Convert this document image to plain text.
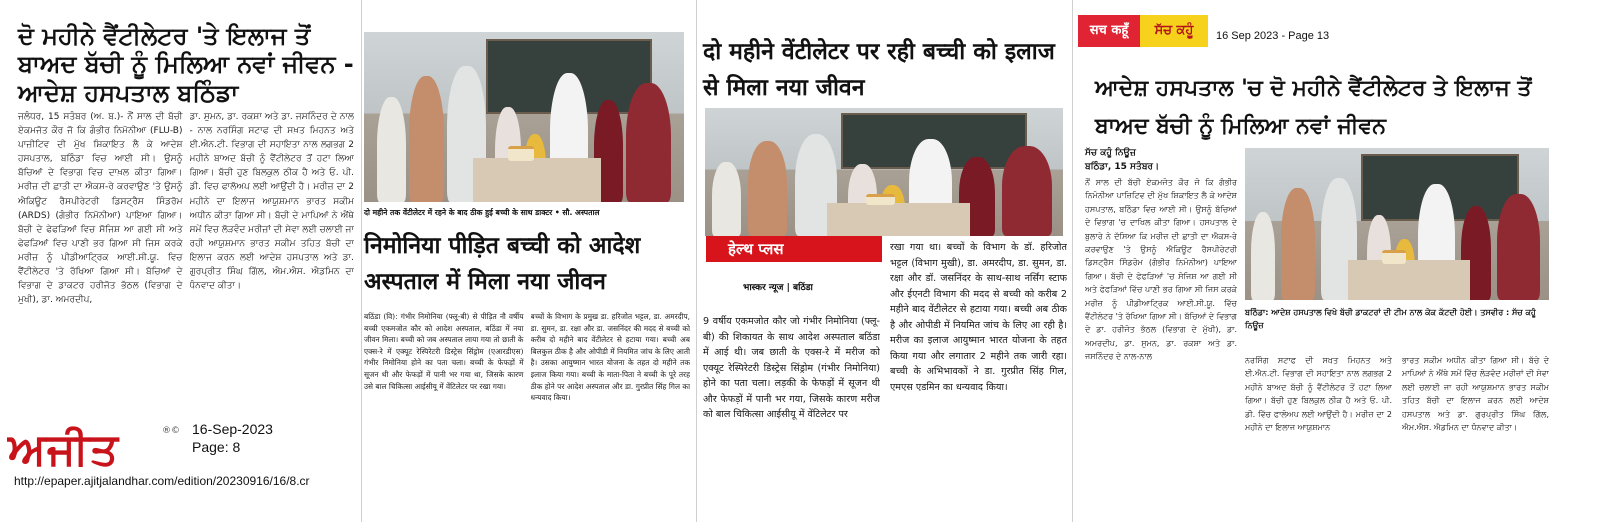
ਦੋ ਮਹੀਨੇ ਵੈਂਟੀਲੇਟਰ 'ਤੇ ਇਲਾਜ ਤੋਂ ਬਾਅਦ ਬੱਚੀ ਨੂੰ ਮਿਲਿਆ ਨਵਾਂ ਜੀਵਨ - ਆਦੇਸ਼ ਹਸਪਤਾਲ ਬਠਿੰਡਾ
ਜਲੰਧਰ, 15 ਸਤੰਬਰ (ਅ. ਬ.)- ਨੌਂ ਸਾਲ ਦੀ ਬੱਚੀ ਏਕਮਜੋਤ ਕੌਰ ਜੋ ਕਿ ਗੰਭੀਰ ਨਿਮੋਨੀਆ (FLU-B) ਪਾਜ਼ੀਟਿਵ ਦੀ ਮੁੱਖ ਸ਼ਿਕਾਇਤ ਲੈ ਕੇ ਆਦੇਸ਼ ਹਸਪਤਾਲ, ਬਠਿੰਡਾ ਵਿਚ ਆਈ ਸੀ। ਉਸਨੂੰ ਬੱਚਿਆਂ ਦੇ ਵਿਭਾਗ ਵਿਚ ਦਾਖ਼ਲ ਕੀਤਾ ਗਿਆ। ਮਰੀਜ਼ ਦੀ ਛਾਤੀ ਦਾ ਐਕਸ-ਰੇ ਕਰਵਾਉਣ 'ਤੇ ਉਸਨੂੰ ਐਕਿਊਟ ਰੈਸਪੀਰੇਟਰੀ ਡਿਸਟ੍ਰੈਸ ਸਿੰਡਰੋਮ (ARDS) (ਗੰਭੀਰ ਨਿਮੋਨੀਆ) ਪਾਇਆ ਗਿਆ। ਬੱਚੀ ਦੇ ਫੇਫੜਿਆਂ ਵਿਚ ਸੋਜਿਸ਼ ਆ ਗਈ ਸੀ ਅਤੇ ਫੇਫੜਿਆਂ ਵਿਚ ਪਾਣੀ ਭਰ ਗਿਆ ਸੀ ਜਿਸ ਕਰਕੇ ਮਰੀਜ਼ ਨੂੰ ਪੀਡੀਆਟ੍ਰਿਕ ਆਈ.ਸੀ.ਯੂ. ਵਿਚ ਵੈਂਟੀਲੇਟਰ 'ਤੇ ਰੱਖਿਆ ਗਿਆ ਸੀ। ਬੱਚਿਆਂ ਦੇ ਵਿਭਾਗ ਦੇ ਡਾਕਟਰ ਹਰੀਜੋਤ ਭੱਠਲ (ਵਿਭਾਗ ਦੇ ਮੁਖੀ), ਡਾ. ਅਮਰਦੀਪ,
ਡਾ. ਸੁਮਨ, ਡਾ. ਰਕਸ਼ਾ ਅਤੇ ਡਾ. ਜਸਨਿੰਦਰ ਦੇ ਨਾਲ - ਨਾਲ ਨਰਸਿੰਗ ਸਟਾਫ ਦੀ ਸਖ਼ਤ ਮਿਹਨਤ ਅਤੇ ਈ.ਐਨ.ਟੀ. ਵਿਭਾਗ ਦੀ ਸਹਾਇਤਾ ਨਾਲ ਲਗਭਗ 2 ਮਹੀਨੇ ਬਾਅਦ ਬੱਚੀ ਨੂੰ ਵੈਂਟੀਲੇਟਰ ਤੋਂ ਹਟਾ ਲਿਆ ਗਿਆ। ਬੱਚੀ ਹੁਣ ਬਿਲਕੁਲ ਠੀਕ ਹੈ ਅਤੇ ਓ. ਪੀ. ਡੀ. ਵਿਚ ਫਾਲੋਅਪ ਲਈ ਆਉਂਦੀ ਹੈ। ਮਰੀਜ਼ ਦਾ 2 ਮਹੀਨੇ ਦਾ ਇਲਾਜ ਆਯੁਸ਼ਮਾਨ ਭਾਰਤ ਸਕੀਮ ਅਧੀਨ ਕੀਤਾ ਗਿਆ ਸੀ। ਬੱਚੀ ਦੇ ਮਾਪਿਆਂ ਨੇ ਐਂਥੇ ਸਮੇਂ ਵਿਚ ਲੋੜਵੰਦ ਮਰੀਜ਼ਾਂ ਦੀ ਸੇਵਾ ਲਈ ਚਲਾਈ ਜਾ ਰਹੀ ਆਯੁਸ਼ਮਾਨ ਭਾਰਤ ਸਕੀਮ ਤਹਿਤ ਬੱਚੀ ਦਾ ਇਲਾਜ ਕਰਨ ਲਈ ਆਦੇਸ਼ ਹਸਪਤਾਲ ਅਤੇ ਡਾ. ਗੁਰਪ੍ਰੀਤ ਸਿੰਘ ਗਿੱਲ, ਐਮ.ਐਸ. ਐਡਮਿਨ ਦਾ ਧੰਨਵਾਦ ਕੀਤਾ।
ਅਜੀਤ	®© 16-Sep-2023
Page: 8
http://epaper.ajitjalandhar.com/edition/20230916/16/8.cr
दो महीने तक वेंटीलेटर में रहने के बाद ठीक हुई बच्ची के साथ डाक्टर • सौ. अस्पताल
निमोनिया पीड़ित बच्ची को आदेश अस्पताल में मिला नया जीवन
बठिंडा (वि): गंभीर निमोनिया (फ्लू-बी) से पीड़ित नौ वर्षीय बच्ची एकमजोत कौर को आदेश अस्पताल, बठिंडा में नया जीवन मिला। बच्ची को जब अस्पताल लाया गया तो छाती के एक्स-रे में एक्यूट रेस्पिरेटरी डिस्ट्रेस सिंड्रोम (एआरडीएस) गंभीर निमोनिया होने का पता चला। बच्ची के फेफड़ों में सूजन थी और फेफड़ों में पानी भर गया था, जिसके कारण उसे बाल चिकित्सा आईसीयू में वेंटिलेटर पर रखा गया।
बच्चों के विभाग के प्रमुख डा. हरिजोत भट्टल, डा. अमरदीप, डा. सुमन, डा. रक्षा और डा. जसनिंदर की मदद से बच्ची को करीब दो महीने बाद वेंटीलेटर से हटाया गया। बच्ची अब बिलकुल ठीक है और ओपीडी में नियमित जांच के लिए आती है। उसका आयुष्मान भारत योजना के तहत दो महीने तक इलाज किया गया। बच्ची के माता-पिता ने बच्ची के पूरे तरह ठीक होने पर आदेश अस्पताल और डा. गुरप्रीत सिंह गिल का धन्यवाद किया।
दो महीने वेंटीलेटर पर रही बच्ची को इलाज से मिला नया जीवन
हेल्थ प्लस
भास्कर न्यूज | बठिंडा
9 वर्षीय एकमजोत कौर जो गंभीर निमोनिया (फ्लू-बी) की शिकायत के साथ आदेश अस्पताल बठिंडा में आई थी। जब छाती के एक्स-रे में मरीज को एक्यूट रेस्पिरेटरी डिस्ट्रेस सिंड्रोम (गंभीर निमोनिया) होने का पता चला। लड़की के फेफड़ों में सूजन थी और फेफड़ों में पानी भर गया, जिसके कारण मरीज को बाल चिकित्सा आईसीयू में वेंटिलेटर पर
रखा गया था। बच्चों के विभाग के डॉ. हरिजोत भट्टल (विभाग मुखी), डा. अमरदीप, डा. सुमन, डा. रक्षा और डॉ. जसनिंदर के साथ-साथ नर्सिंग स्टाफ और ईएनटी विभाग की मदद से बच्ची को करीब 2 महीने बाद वेंटीलेटर से हटाया गया। बच्ची अब ठीक है और ओपीडी में नियमित जांच के लिए आ रही है। मरीज का इलाज आयुष्मान भारत योजना के तहत किया गया और लगातार 2 महीने तक जारी रहा। बच्ची के अभिभावकों ने डा. गुरप्रीत सिंह गिल, एमएस एडमिन का धन्यवाद किया।
सच कहूँ	ਸੱਚ ਕਹੂੰ	16 Sep 2023 - Page 13
ਆਦੇਸ਼ ਹਸਪਤਾਲ 'ਚ ਦੋ ਮਹੀਨੇ ਵੈਂਟੀਲੇਟਰ ਤੇ ਇਲਾਜ ਤੋਂ ਬਾਅਦ ਬੱਚੀ ਨੂੰ ਮਿਲਿਆ ਨਵਾਂ ਜੀਵਨ
ਸੱਚ ਕਹੂੰ ਨਿਊਜ਼
ਬਠਿੰਡਾ, 15 ਸਤੰਬਰ।
ਨੌਂ ਸਾਲ ਦੀ ਬੱਚੀ ਏਕਮਜੋਤ ਕੌਰ ਜੋ ਕਿ ਗੰਭੀਰ ਨਿਮੋਨੀਆ ਪਾਜ਼ਿਟਿਵ ਦੀ ਮੁੱਖ ਸ਼ਿਕਾਇਤ ਲੈ ਕੇ ਆਦੇਸ਼ ਹਸਪਤਾਲ, ਬਠਿੰਡਾ ਵਿਚ ਆਈ ਸੀ। ਉਸਨੂੰ ਬੱਚਿਆਂ ਦੇ ਵਿਭਾਗ 'ਚ ਦਾਖਿਲ ਕੀਤਾ ਗਿਆ। ਹਸਪਤਾਲ ਦੇ ਬੁਲਾਰੇ ਨੇ ਦੱਸਿਆ ਕਿ ਮਰੀਜ਼ ਦੀ ਛਾਤੀ ਦਾ ਐਕਸ-ਰੇ ਕਰਵਾਉਣ 'ਤੇ ਉਸਨੂੰ ਐਕਿਊਟ ਰੈਸਪੀਰੇਟਰੀ ਡਿਸਟ੍ਰੈਸ ਸਿੰਡਰੋਮ (ਗੰਭੀਰ ਨਿਮੋਨੀਆ) ਪਾਇਆ ਗਿਆ। ਬੱਚੀ ਦੇ ਫੇਫੜਿਆਂ 'ਚ ਸੋਜਿਸ਼ ਆ ਗਈ ਸੀ ਅਤੇ ਫੇਫੜਿਆਂ ਵਿੱਚ ਪਾਣੀ ਭਰ ਗਿਆ ਸੀ ਜਿਸ ਕਰਕੇ ਮਰੀਜ਼ ਨੂੰ ਪੀਡੀਆਟ੍ਰਿਕ ਆਈ.ਸੀ.ਯੂ. ਵਿੱਚ ਵੈਂਟੀਲੇਟਰ 'ਤੇ ਰੱਖਿਆ ਗਿਆ ਸੀ। ਬੱਚਿਆਂ ਦੇ ਵਿਭਾਗ ਦੇ ਡਾ. ਹਰੀਜੋਤ ਭੱਠਲ (ਵਿਭਾਗ ਦੇ ਮੁੱਖੀ), ਡਾ. ਅਮਰਦੀਪ, ਡਾ. ਸੁਮਨ, ਡਾ. ਰਕਸ਼ਾ ਅਤੇ ਡਾ. ਜਸਨਿੰਦਰ ਦੇ ਨਾਲ-ਨਾਲ
ਬਠਿੰਡਾ: ਆਦੇਸ਼ ਹਸਪਤਾਲ ਵਿਖੇ ਬੱਚੀ ਡਾਕਟਰਾਂ ਦੀ ਟੀਮ ਨਾਲ ਕੇਕ ਕੱਟਦੀ ਹੋਈ। ਤਸਵੀਰ : ਸੱਚ ਕਹੂੰ ਨਿਊਜ਼
ਨਰਸਿੰਗ ਸਟਾਫ ਦੀ ਸਖ਼ਤ ਮਿਹਨਤ ਅਤੇ ਈ.ਐਨ.ਟੀ. ਵਿਭਾਗ ਦੀ ਸਹਾਇਤਾ ਨਾਲ ਲਗਭਗ 2 ਮਹੀਨੇ ਬਾਅਦ ਬੱਚੀ ਨੂੰ ਵੈਂਟੀਲੇਟਰ ਤੋਂ ਹਟਾ ਲਿਆ ਗਿਆ। ਬੱਚੀ ਹੁਣ ਬਿਲਕੁਲ ਠੀਕ ਹੈ ਅਤੇ ਓ. ਪੀ. ਡੀ. ਵਿੱਚ ਫਾਲੋਅਪ ਲਈ ਆਉਂਦੀ ਹੈ। ਮਰੀਜ਼ ਦਾ 2 ਮਹੀਨੇ ਦਾ ਇਲਾਜ ਆਯੁਸ਼ਮਾਨ
ਭਾਰਤ ਸਕੀਮ ਅਧੀਨ ਕੀਤਾ ਗਿਆ ਸੀ। ਬੱਚੇ ਦੇ ਮਾਪਿਆਂ ਨੇ ਐਂਥੇ ਸਮੇਂ ਵਿੱਚ ਲੋੜਵੰਦ ਮਰੀਜ਼ਾਂ ਦੀ ਸੇਵਾ ਲਈ ਚਲਾਈ ਜਾ ਰਹੀ ਆਯੁਸ਼ਮਾਨ ਭਾਰਤ ਸਕੀਮ ਤਹਿਤ ਬੱਚੀ ਦਾ ਇਲਾਜ ਕਰਨ ਲਈ ਆਦੇਸ਼ ਹਸਪਤਾਲ ਅਤੇ ਡਾ. ਗੁਰਪ੍ਰੀਤ ਸਿੰਘ ਗਿੱਲ, ਐਮ.ਐਸ. ਐਡਮਿਨ ਦਾ ਧੰਨਵਾਦ ਕੀਤਾ।
